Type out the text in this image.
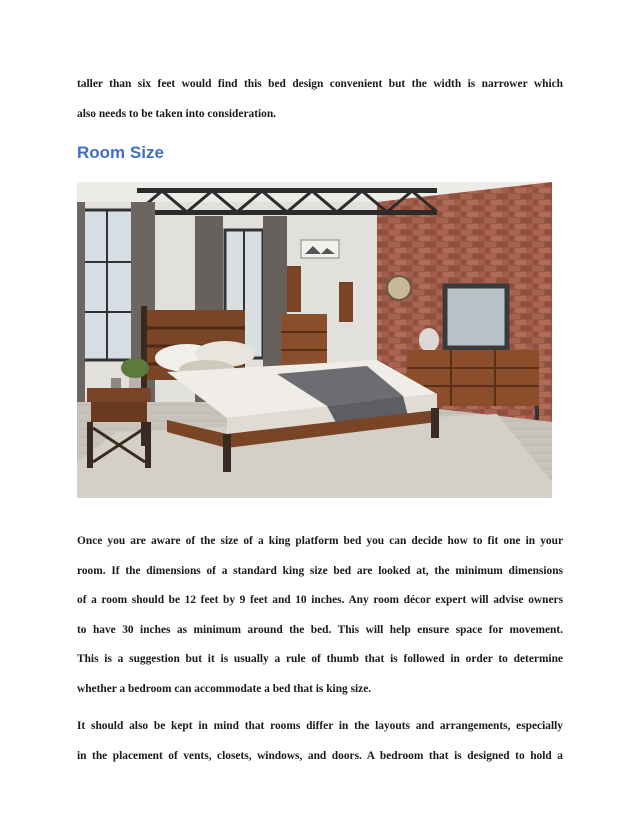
taller than six feet would find this bed design convenient but the width is narrower which
also needs to be taken into consideration.

Room Size

Once you are aware of the size of a king platform bed you can decide how to fit one in your
room. If the dimensions of a standard king size bed are looked at, the minimum dimensions
of a room should be 12 feet by 9 feet and 10 inches. Any room décor expert will advise owners
to have 30 inches as minimum around the bed. This will help ensure space for movement.
This is a suggestion but it is usually a rule of thumb that is followed in order to determine
whether a bedroom can accommodate a bed that is king size.

It should also be kept in mind that rooms differ in the layouts and arrangements, especially
in the placement of vents, closets, windows, and doors. A bedroom that is designed to hold a
